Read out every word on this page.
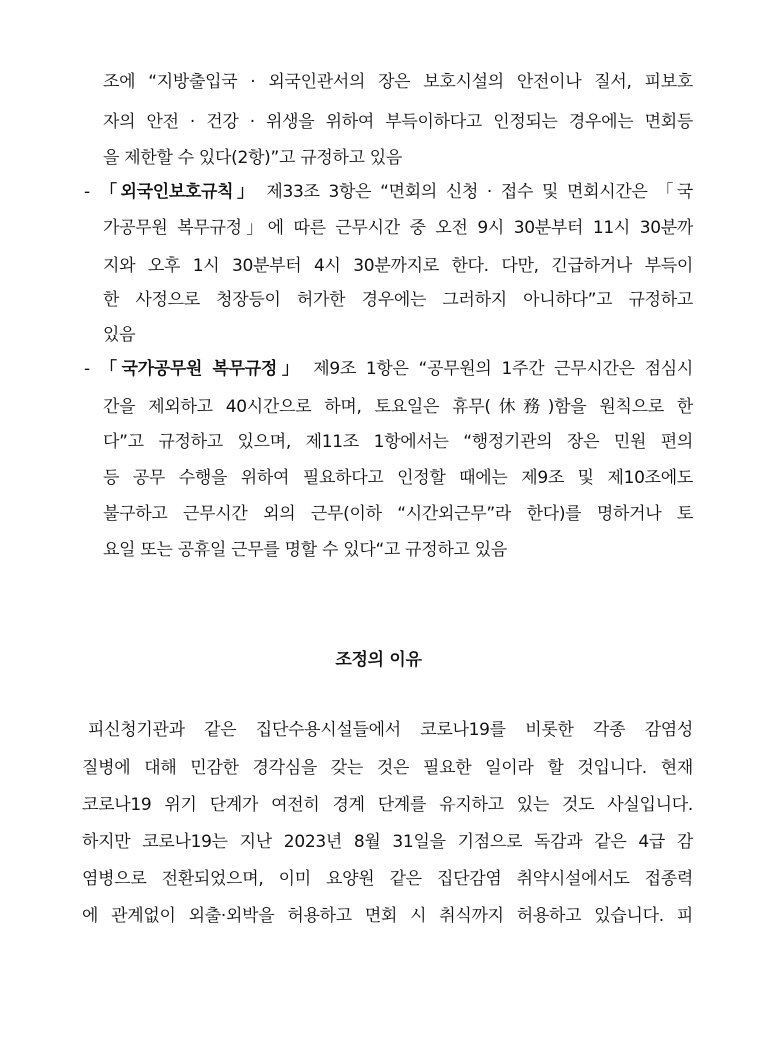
조에 “지방출입국 · 외국인관서의 장은 보호시설의 안전이나 질서, 피보호
자의 안전 · 건강 · 위생을 위하여 부득이하다고 인정되는 경우에는 면회등
을 제한할 수 있다(2항)”고 규정하고 있음
- 「외국인보호규칙」 제33조 3항은 “면회의 신청 · 접수 및 면회시간은 「국
가공무원 복무규정」에 따른 근무시간 중 오전 9시 30분부터 11시 30분까
지와 오후 1시 30분부터 4시 30분까지로 한다. 다만, 긴급하거나 부득이
한 사정으로 청장등이 허가한 경우에는 그러하지 아니하다”고 규정하고
있음
- 「국가공무원 복무규정」 제9조 1항은 “공무원의 1주간 근무시간은 점심시
간을 제외하고 40시간으로 하며, 토요일은 휴무(休務)함을 원칙으로 한
다”고 규정하고 있으며, 제11조 1항에서는 “행정기관의 장은 민원 편의
등 공무 수행을 위하여 필요하다고 인정할 때에는 제9조 및 제10조에도
불구하고 근무시간 외의 근무(이하 “시간외근무”라 한다)를 명하거나 토
요일 또는 공휴일 근무를 명할 수 있다“고 규정하고 있음
조정의 이유
피신청기관과 같은 집단수용시설들에서 코로나19를 비롯한 각종 감염성
질병에 대해 민감한 경각심을 갖는 것은 필요한 일이라 할 것입니다. 현재
코로나19 위기 단계가 여전히 경계 단계를 유지하고 있는 것도 사실입니다.
하지만 코로나19는 지난 2023년 8월 31일을 기점으로 독감과 같은 4급 감
염병으로 전환되었으며, 이미 요양원 같은 집단감염 취약시설에서도 접종력
에 관계없이 외출·외박을 허용하고 면회 시 취식까지 허용하고 있습니다. 피
